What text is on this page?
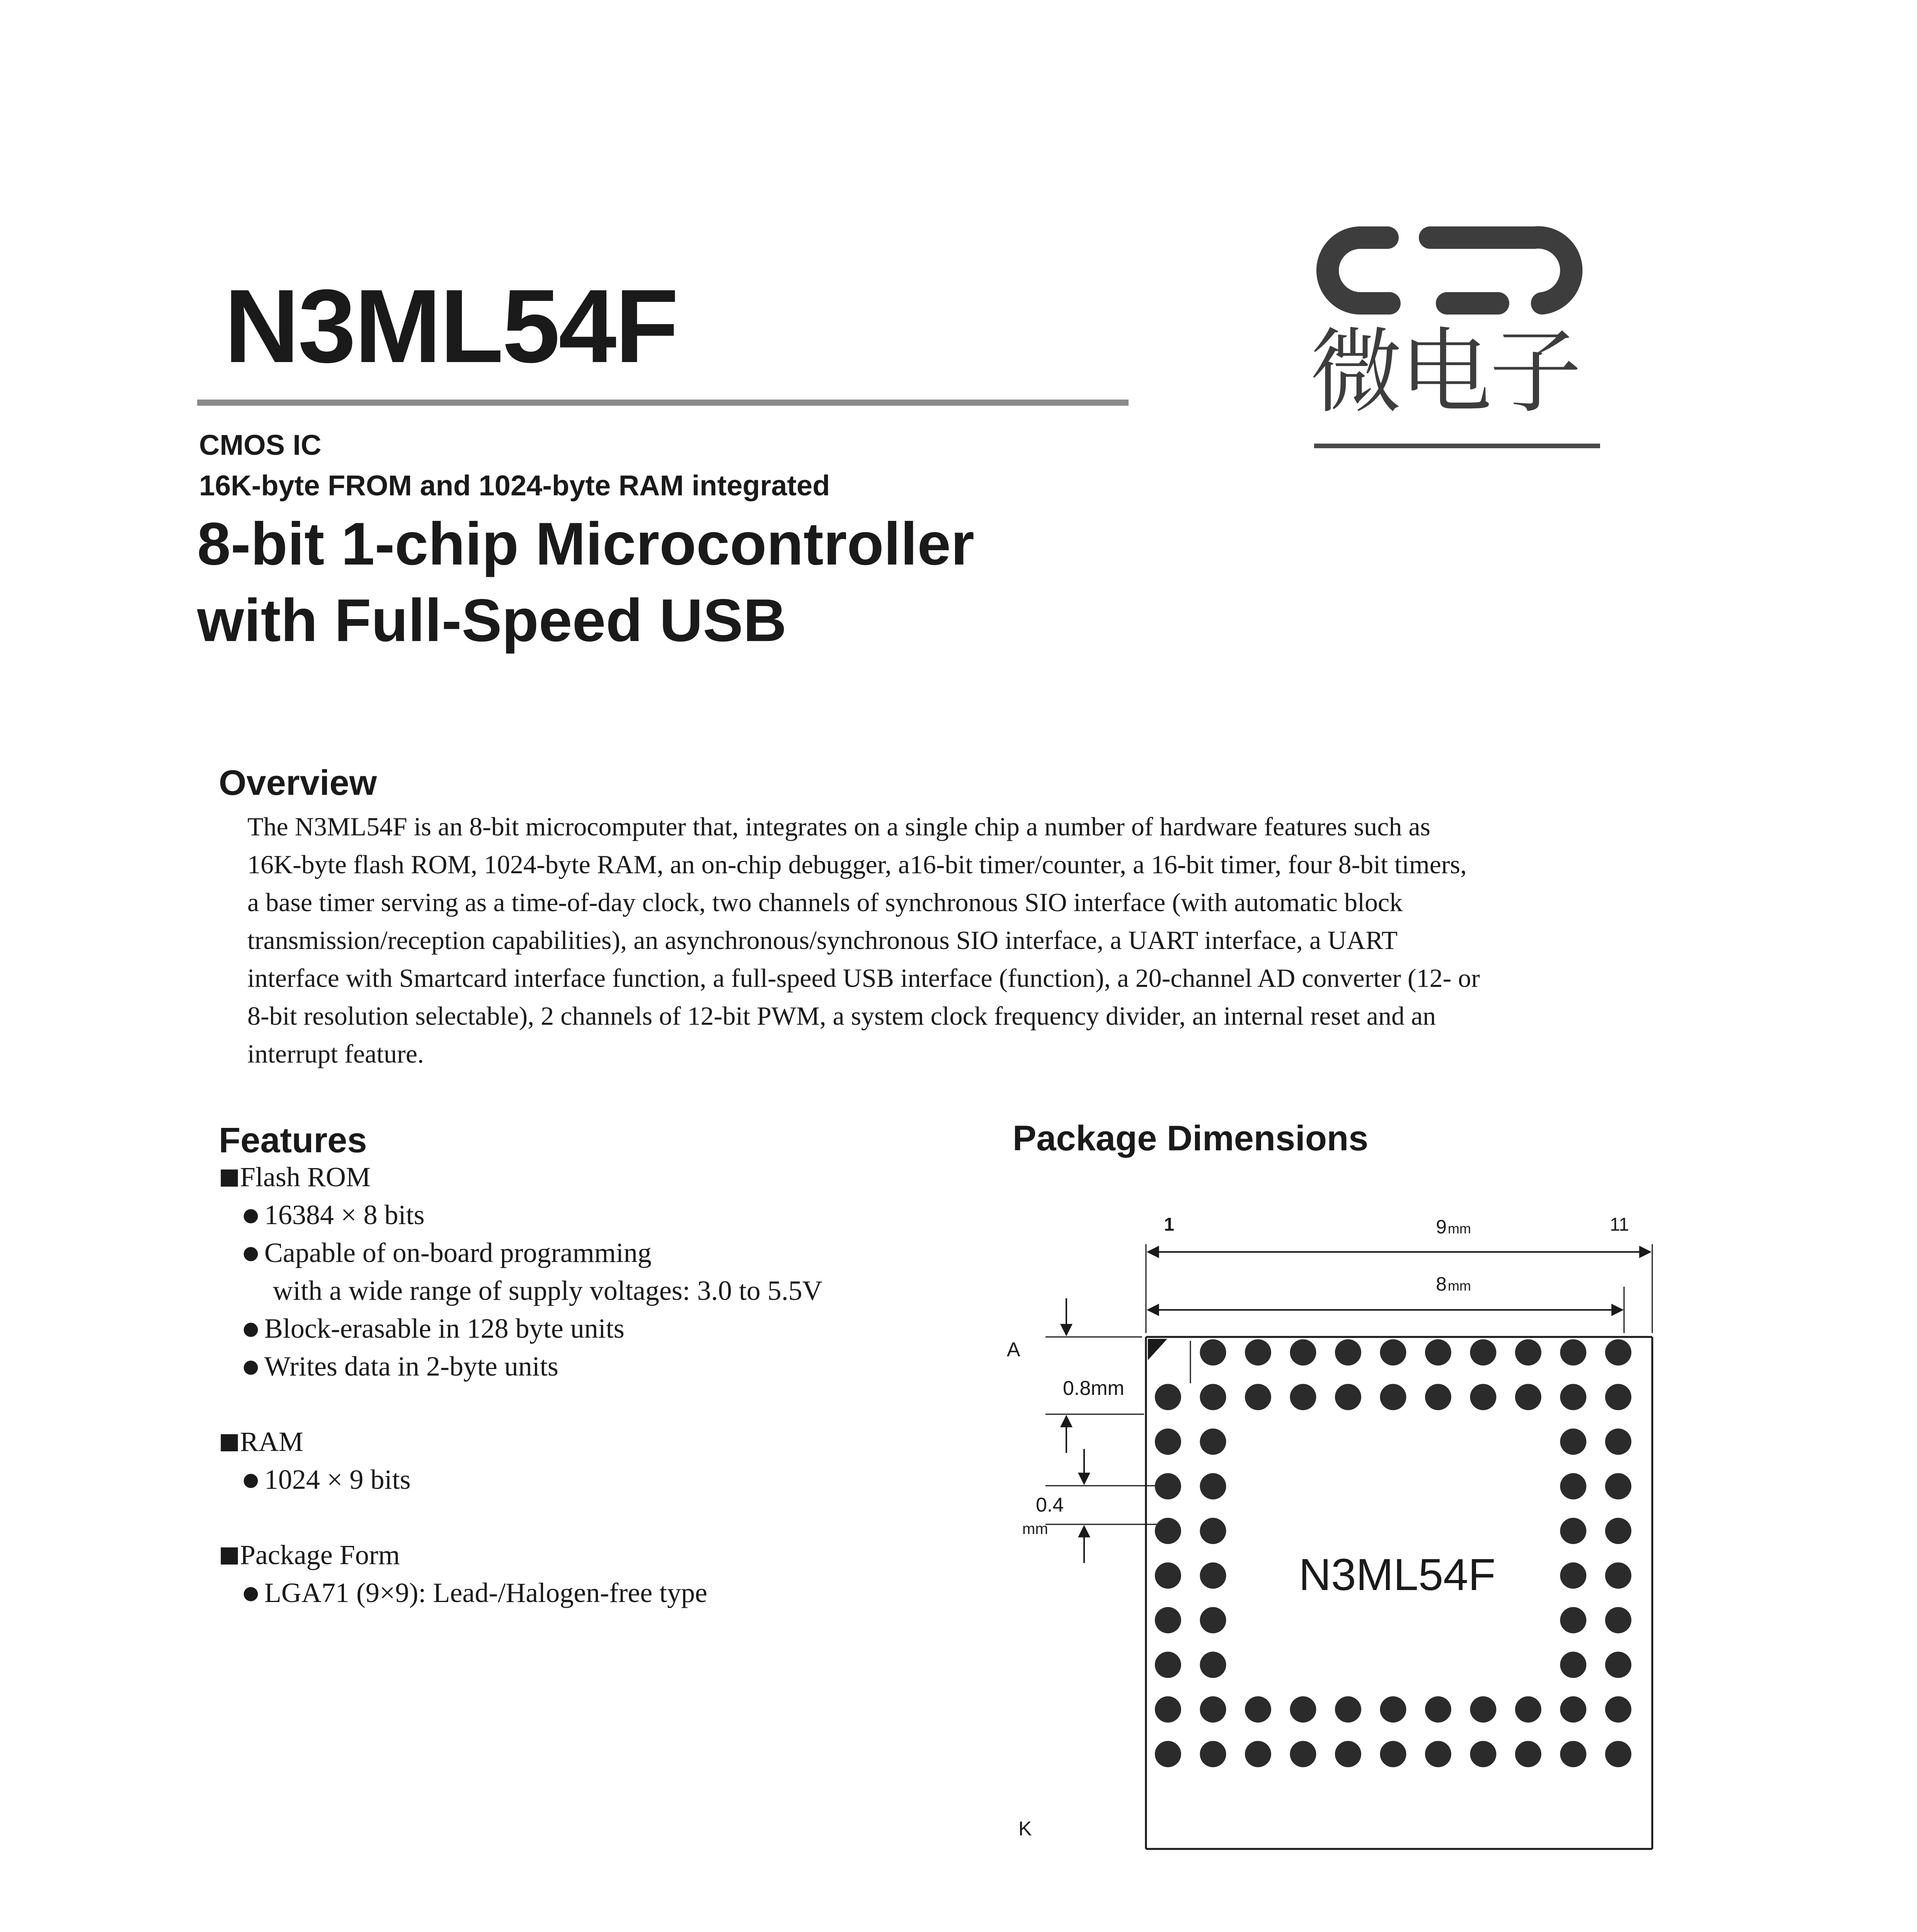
N3ML54F	微电子
CMOS IC
16K-byte FROM and 1024-byte RAM integrated
8-bit 1-chip Microcontroller
with Full-Speed USB
Overview
The N3ML54F is an 8-bit microcomputer that, integrates on a single chip a number of hardware features such as
16K-byte flash ROM, 1024-byte RAM, an on-chip debugger, a16-bit timer/counter, a 16-bit timer, four 8-bit timers,
a base timer serving as a time-of-day clock, two channels of synchronous SIO interface (with automatic block
transmission/reception capabilities), an asynchronous/synchronous SIO interface, a UART interface, a UART
interface with Smartcard interface function, a full-speed USB interface (function), a 20-channel AD converter (12- or
8-bit resolution selectable), 2 channels of 12-bit PWM, a system clock frequency divider, an internal reset and an
interrupt feature.
Features
■Flash ROM
● 16384 × 8 bits
● Capable of on-board programming
with a wide range of supply voltages: 3.0 to 5.5V
● Block-erasable in 128 byte units
● Writes data in 2-byte units
■RAM
● 1024 × 9 bits
■Package Form
● LGA71 (9×9): Lead-/Halogen-free type
Package Dimensions
1	11
9 mm
8 mm
A
K
0.8mm
0.4
mm
N3ML54F
